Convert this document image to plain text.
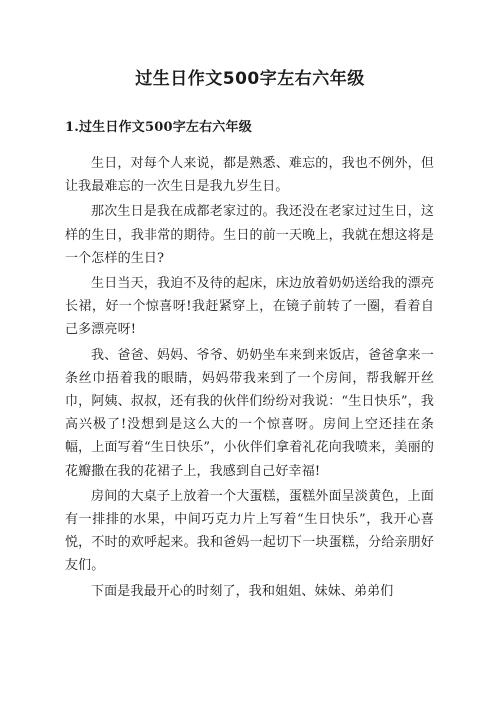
过生日作文500字左右六年级
1.过生日作文500字左右六年级

生日，对每个人来说，都是熟悉、难忘的，我也不例外，但让我最难忘的一次生日是我九岁生日。

那次生日是我在成都老家过的。我还没在老家过过生日，这样的生日，我非常的期待。生日的前一天晚上，我就在想这将是一个怎样的生日?

生日当天，我迫不及待的起床，床边放着奶奶送给我的漂亮长裙，好一个惊喜呀!我赶紧穿上，在镜子前转了一圈，看着自己多漂亮呀!

我、爸爸、妈妈、爷爷、奶奶坐车来到来饭店，爸爸拿来一条丝巾捂着我的眼睛，妈妈带我来到了一个房间，帮我解开丝巾，阿姨、叔叔，还有我的伙伴们纷纷对我说：“生日快乐”，我高兴极了!没想到是这么大的一个惊喜呀。房间上空还挂在条幅，上面写着“生日快乐”，小伙伴们拿着礼花向我喷来，美丽的花瓣撒在我的花裙子上，我感到自己好幸福!

房间的大桌子上放着一个大蛋糕，蛋糕外面呈淡黄色，上面有一排排的水果，中间巧克力片上写着“生日快乐”，我开心喜悦，不时的欢呼起来。我和爸妈一起切下一块蛋糕，分给亲朋好友们。

下面是我最开心的时刻了，我和姐姐、妹妹、弟弟们
